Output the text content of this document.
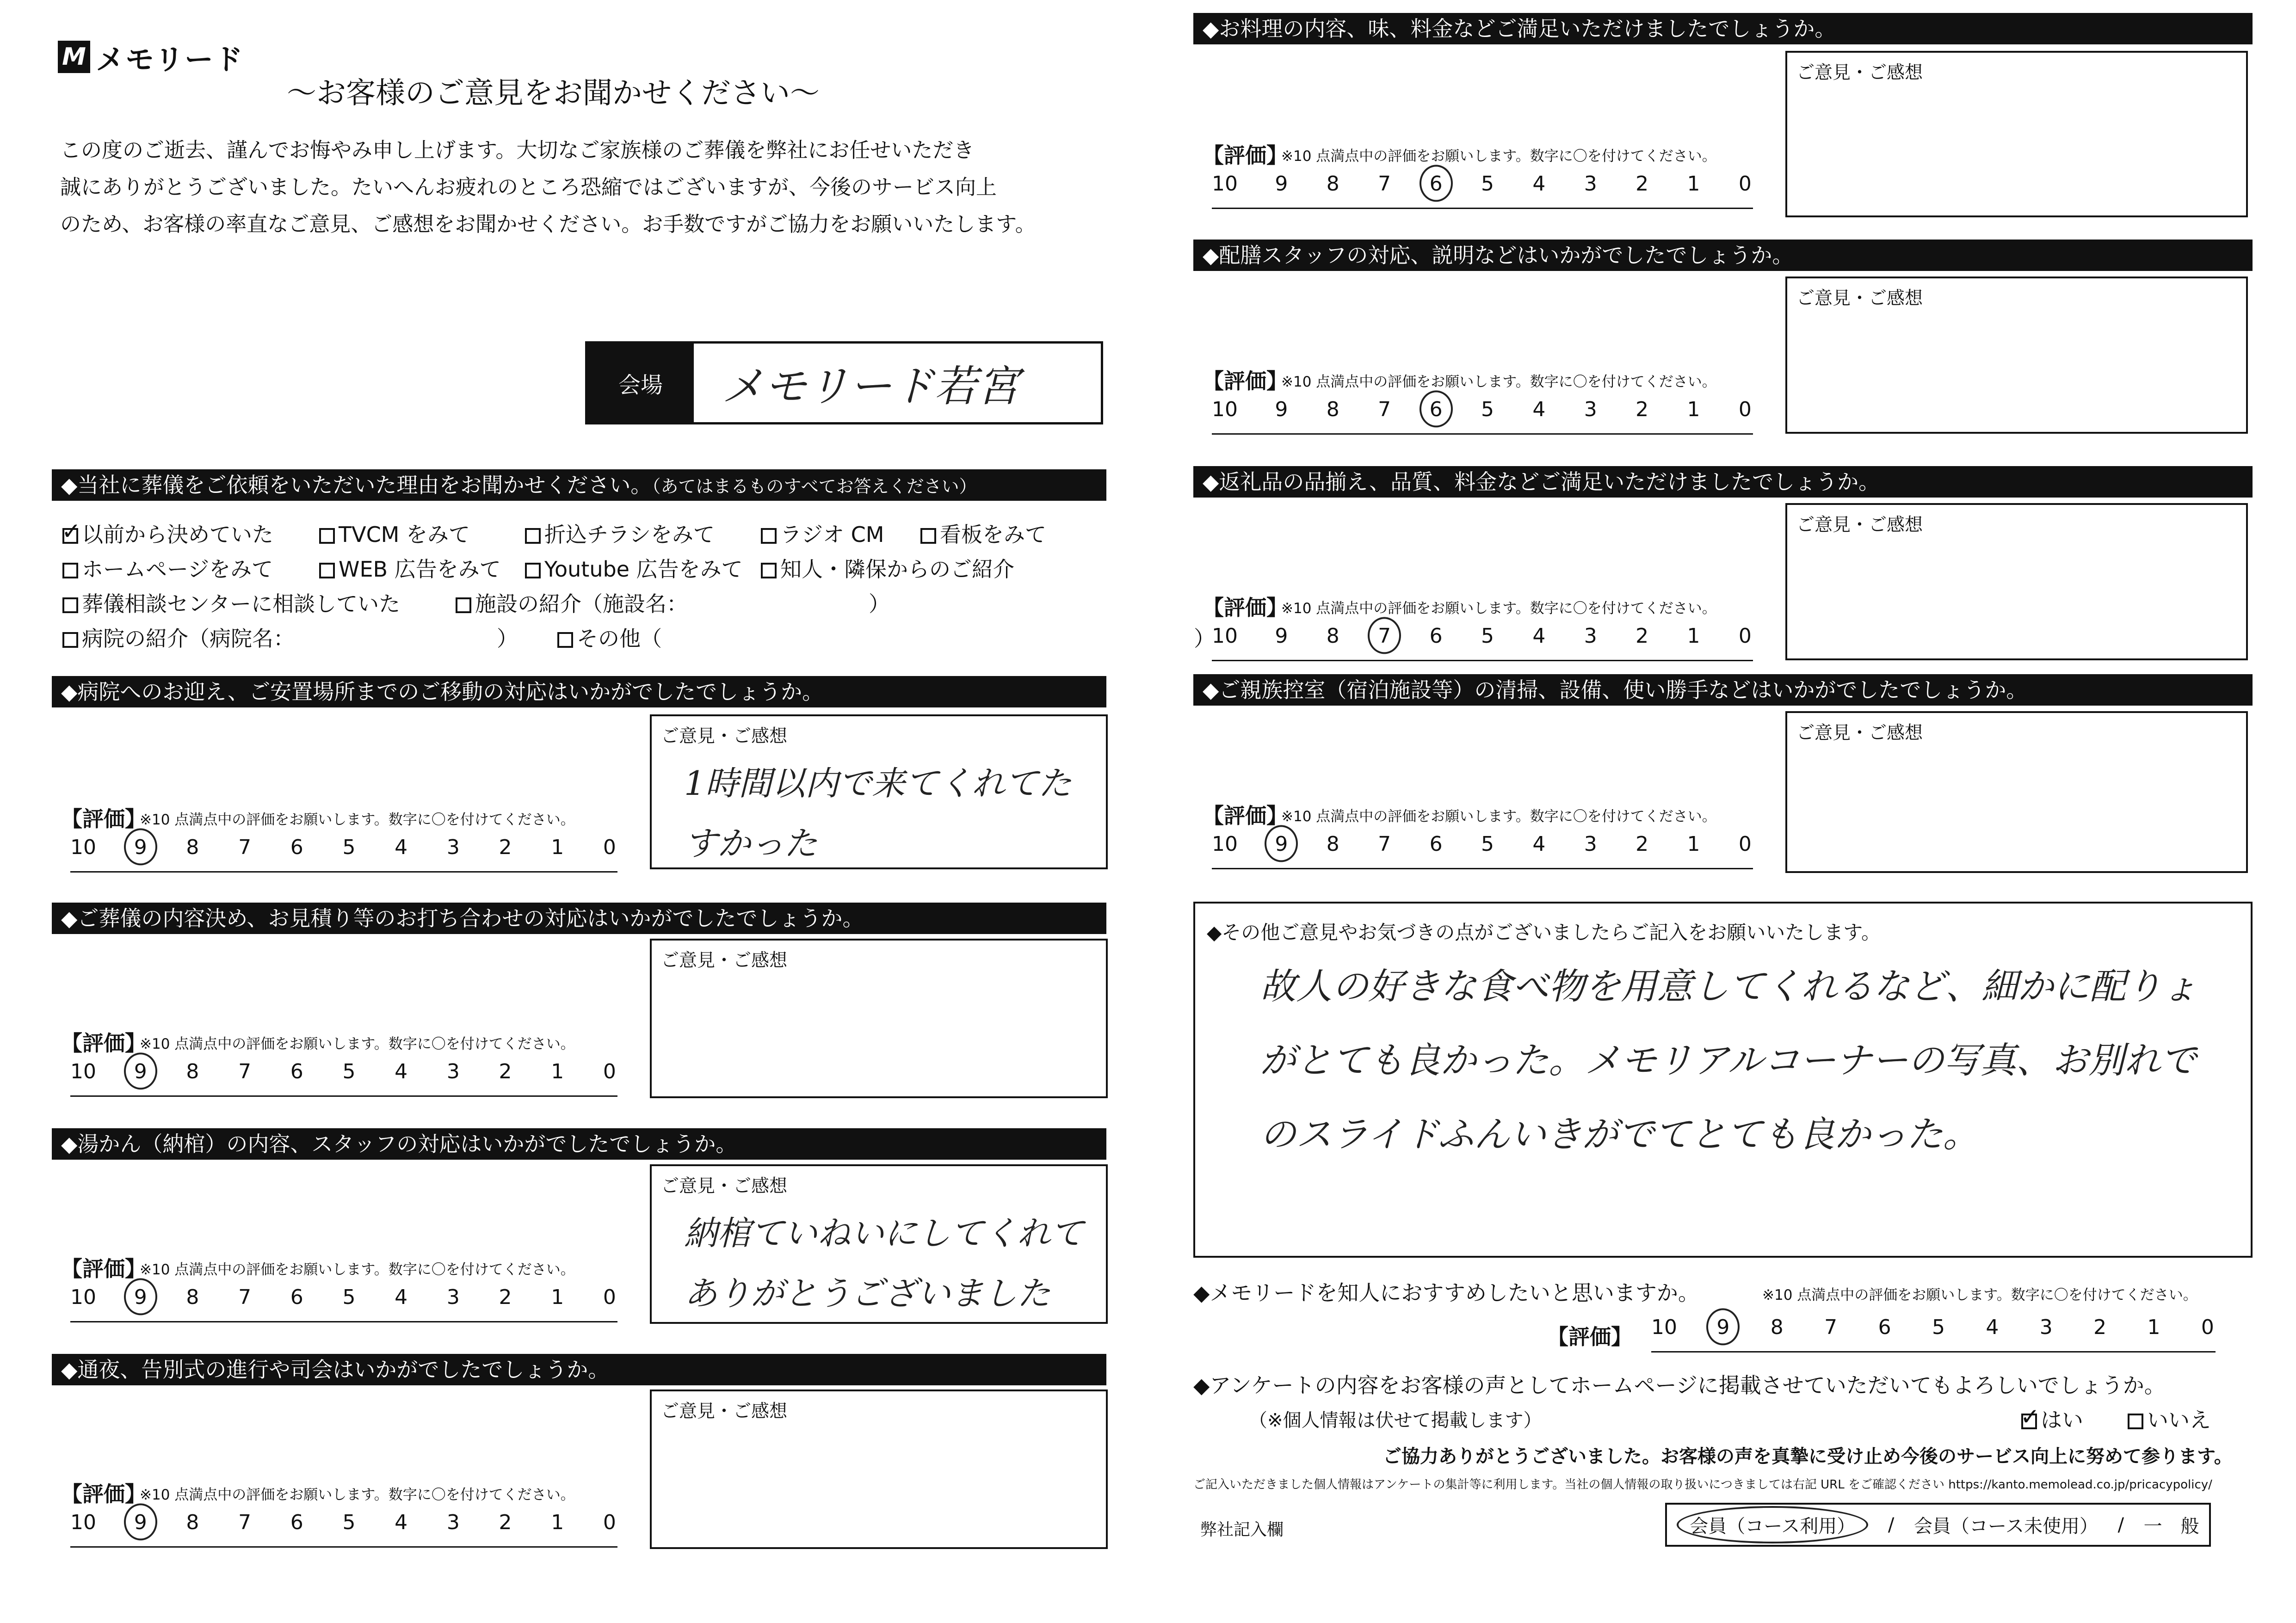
M メモリード
～お客様のご意見をお聞かせください～
この度のご逝去、謹んでお悔やみ申し上げます。大切なご家族様のご葬儀を弊社にお任せいただき
誠にありがとうございました。たいへんお疲れのところ恐縮ではございますが、今後のサービス向上
のため、お客様の率直なご意見、ご感想をお聞かせください。お手数ですがご協力をお願いいたします。
会場	メモリード若宮
◆当社に葬儀をご依頼をいただいた理由をお聞かせください。（あてはまるものすべてお答えください）
✓以前から決めていた	TVCM をみて	折込チラシをみて	ラジオ CM	看板をみて
ホームページをみて	WEB 広告をみて	Youtube 広告をみて	知人・隣保からのご紹介
葬儀相談センターに相談していた	施設の紹介（施設名：　　　　　　　　　）
病院の紹介（病院名：　　　　　　　　　　）	その他（　　　　　　　　　　　　　　　　　　　　　　　　　）
◆病院へのお迎え、ご安置場所までのご移動の対応はいかがでしたでしょうか。
【評価】
※10 点満点中の評価をお願いします。数字に〇を付けてください。
10 9 8 7 6 5 4 3 2 1 0
ご意見・ご感想
1時間以内で来てくれてたすかった
◆ご葬儀の内容決め、お見積り等のお打ち合わせの対応はいかがでしたでしょうか。
【評価】
※10 点満点中の評価をお願いします。数字に〇を付けてください。
10 9 8 7 6 5 4 3 2 1 0
ご意見・ご感想
◆湯かん（納棺）の内容、スタッフの対応はいかがでしたでしょうか。
【評価】
※10 点満点中の評価をお願いします。数字に〇を付けてください。
10 9 8 7 6 5 4 3 2 1 0
ご意見・ご感想
納棺ていねいにしてくれてありがとうございました
◆通夜、告別式の進行や司会はいかがでしたでしょうか。
【評価】
※10 点満点中の評価をお願いします。数字に〇を付けてください。
10 9 8 7 6 5 4 3 2 1 0
ご意見・ご感想
◆お料理の内容、味、料金などご満足いただけましたでしょうか。
【評価】
※10 点満点中の評価をお願いします。数字に〇を付けてください。
10 9 8 7 6 5 4 3 2 1 0
ご意見・ご感想
◆配膳スタッフの対応、説明などはいかがでしたでしょうか。
【評価】
※10 点満点中の評価をお願いします。数字に〇を付けてください。
10 9 8 7 6 5 4 3 2 1 0
ご意見・ご感想
◆返礼品の品揃え、品質、料金などご満足いただけましたでしょうか。
【評価】
※10 点満点中の評価をお願いします。数字に〇を付けてください。
10 9 8 7 6 5 4 3 2 1 0
ご意見・ご感想
◆ご親族控室（宿泊施設等）の清掃、設備、使い勝手などはいかがでしたでしょうか。
【評価】
※10 点満点中の評価をお願いします。数字に〇を付けてください。
10 9 8 7 6 5 4 3 2 1 0
ご意見・ご感想
◆その他ご意見やお気づきの点がございましたらご記入をお願いいたします。
故人の好きな食べ物を用意してくれるなど、細かに配りょがとても良かった。メモリアルコーナーの写真、お別れでのスライドふんいきがでてとても良かった。
◆メモリードを知人におすすめしたいと思いますか。	※10 点満点中の評価をお願いします。数字に〇を付けてください。
【評価】 10 9 8 7 6 5 4 3 2 1 0
◆アンケートの内容をお客様の声としてホームページに掲載させていただいてもよろしいでしょうか。
（※個人情報は伏せて掲載します）
✓	はい	いいえ
ご協力ありがとうございました。お客様の声を真摯に受け止め今後のサービス向上に努めて参ります。
ご記入いただきました個人情報はアンケートの集計等に利用します。当社の個人情報の取り扱いにつきましては右記 URL をご確認ください https://kanto.memolead.co.jp/pricacypolicy/
弊社記入欄	会員（コース利用）	/ 会員（コース未使用） / 一　般
